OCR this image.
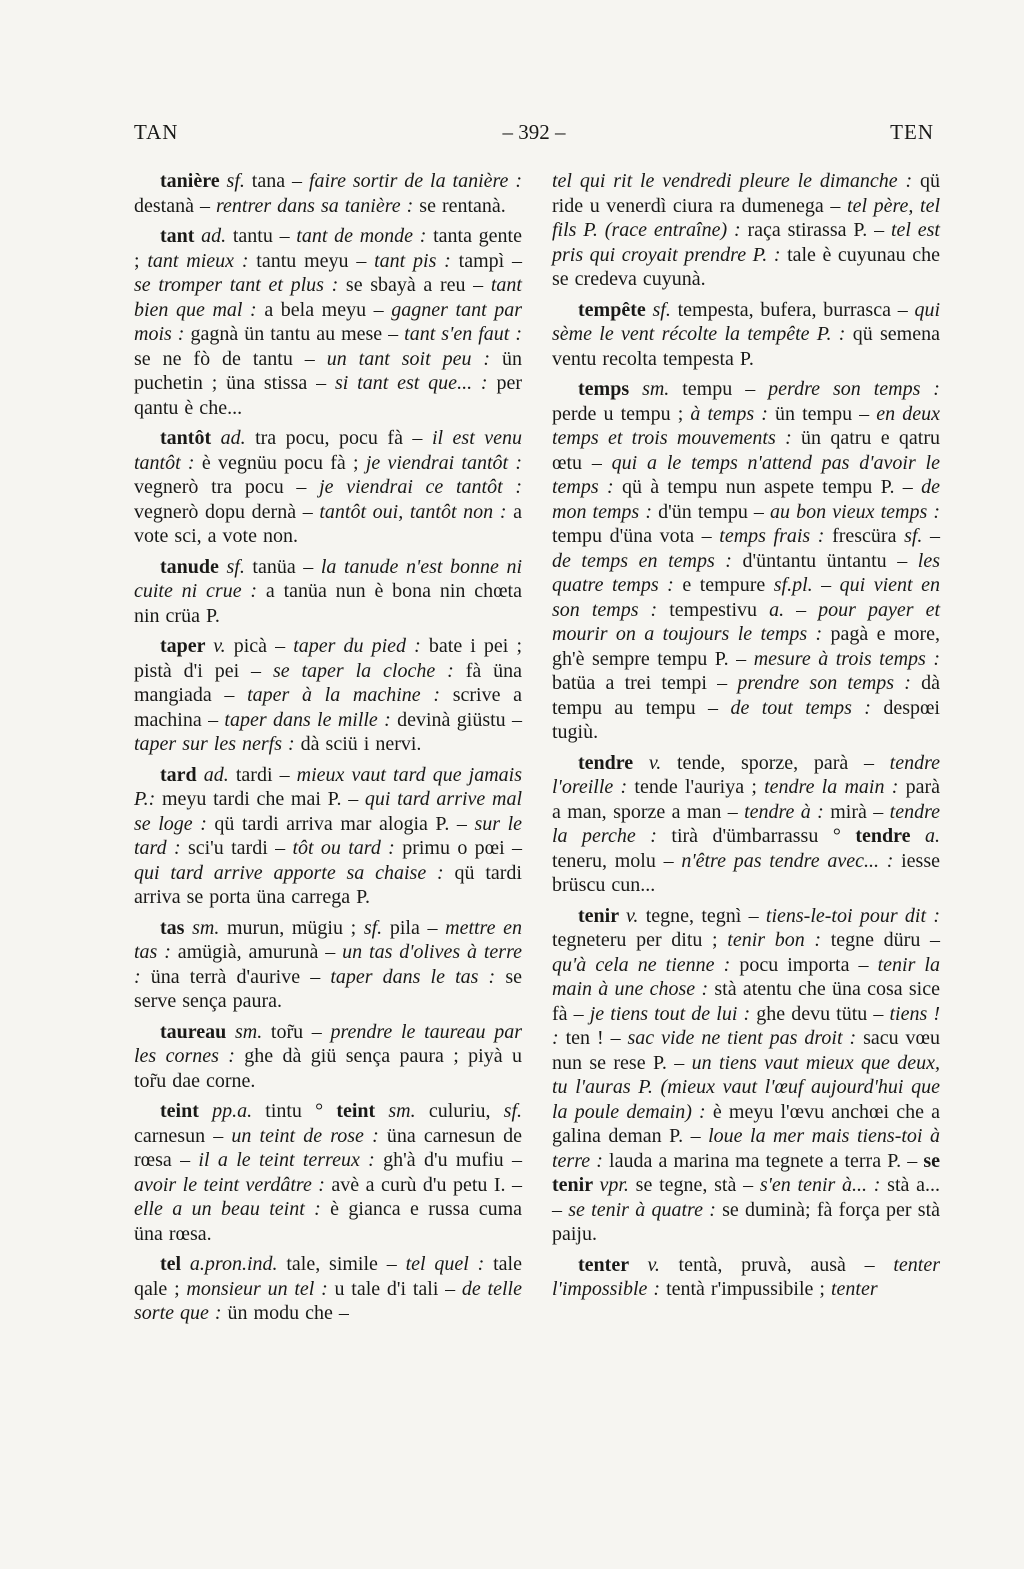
TAN	– 392 –	TEN

tanière sf. tana – faire sortir de la tanière : destanà – rentrer dans sa tanière : se rentanà.

tant ad. tantu – tant de monde : tanta gente ; tant mieux : tantu meyu – tant pis : tampì – se tromper tant et plus : se sbayà a reu – tant bien que mal : a bela meyu – gagner tant par mois : gagnà ün tantu au mese – tant s'en faut : se ne fò de tantu – un tant soit peu : ün puchetin ; üna stissa – si tant est que... : per qantu è che...

tantôt ad. tra pocu, pocu fà – il est venu tantôt : è vegnüu pocu fà ; je viendrai tantôt : vegnerò tra pocu – je viendrai ce tantôt : vegnerò dopu dernà – tantôt oui, tantôt non : a vote sci, a vote non.

tanude sf. tanüa – la tanude n'est bonne ni cuite ni crue : a tanüa nun è bona nin chœta nin crüa P.

taper v. picà – taper du pied : bate i pei ; pistà d'i pei – se taper la cloche : fà üna mangiada – taper à la machine : scrive a machina – taper dans le mille : devinà giüstu – taper sur les nerfs : dà sciü i nervi.

tard ad. tardi – mieux vaut tard que jamais P.: meyu tardi che mai P. – qui tard arrive mal se loge : qü tardi arriva mar alogia P. – sur le tard : sci'u tardi – tôt ou tard : primu o pœi – qui tard arrive apporte sa chaise : qü tardi arriva se porta üna carrega P.

tas sm. murun, mügiu ; sf. pila – mettre en tas : amügià, amurunà – un tas d'olives à terre : üna terrà d'aurive – taper dans le tas : se serve sença paura.

taureau sm. tor̃u – prendre le taureau par les cornes : ghe dà giü sença paura ; piyà u tor̃u dae corne.

teint pp.a. tintu ° teint sm. culuriu, sf. carnesun – un teint de rose : üna carnesun de rœsa – il a le teint terreux : gh'à d'u mufiu – avoir le teint verdâtre : avè a curù d'u petu I. – elle a un beau teint : è gianca e russa cuma üna rœsa.

tel a.pron.ind. tale, simile – tel quel : tale qale ; monsieur un tel : u tale d'i tali – de telle sorte que : ün modu che –

tel qui rit le vendredi pleure le dimanche : qü ride u venerdì ciura ra dumenega – tel père, tel fils P. (race entraîne) : raça stirassa P. – tel est pris qui croyait prendre P. : tale è cuyunau che se credeva cuyunà.

tempête sf. tempesta, bufera, burrasca – qui sème le vent récolte la tempête P. : qü semena ventu recolta tempesta P.

temps sm. tempu – perdre son temps : perde u tempu ; à temps : ün tempu – en deux temps et trois mouvements : ün qatru e qatru œtu – qui a le temps n'attend pas d'avoir le temps : qü à tempu nun aspete tempu P. – de mon temps : d'ün tempu – au bon vieux temps : tempu d'üna vota – temps frais : frescüra sf. – de temps en temps : d'üntantu üntantu – les quatre temps : e tempure sf.pl. – qui vient en son temps : tempestivu a. – pour payer et mourir on a toujours le temps : pagà e more, gh'è sempre tempu P. – mesure à trois temps : batüa a trei tempi – prendre son temps : dà tempu au tempu – de tout temps : despœi tugiù.

tendre v. tende, sporze, parà – tendre l'oreille : tende l'auriya ; tendre la main : parà a man, sporze a man – tendre à : mirà – tendre la perche : tirà d'ümbarrassu ° tendre a. teneru, molu – n'être pas tendre avec... : iesse brüscu cun...

tenir v. tegne, tegnì – tiens-le-toi pour dit : tegneteru per ditu ; tenir bon : tegne düru – qu'à cela ne tienne : pocu importa – tenir la main à une chose : stà atentu che üna cosa sice fà – je tiens tout de lui : ghe devu tütu – tiens ! : ten ! – sac vide ne tient pas droit : sacu vœu nun se rese P. – un tiens vaut mieux que deux, tu l'auras P. (mieux vaut l'œuf aujourd'hui que la poule demain) : è meyu l'œvu anchœi che a galina deman P. – loue la mer mais tiens-toi à terre : lauda a marina ma tegnete a terra P. – se tenir vpr. se tegne, stà – s'en tenir à... : stà a... – se tenir à quatre : se duminà; fà força per stà paiju.

tenter v. tentà, pruvà, ausà – tenter l'impossible : tentà r'impussibile ; tenter
